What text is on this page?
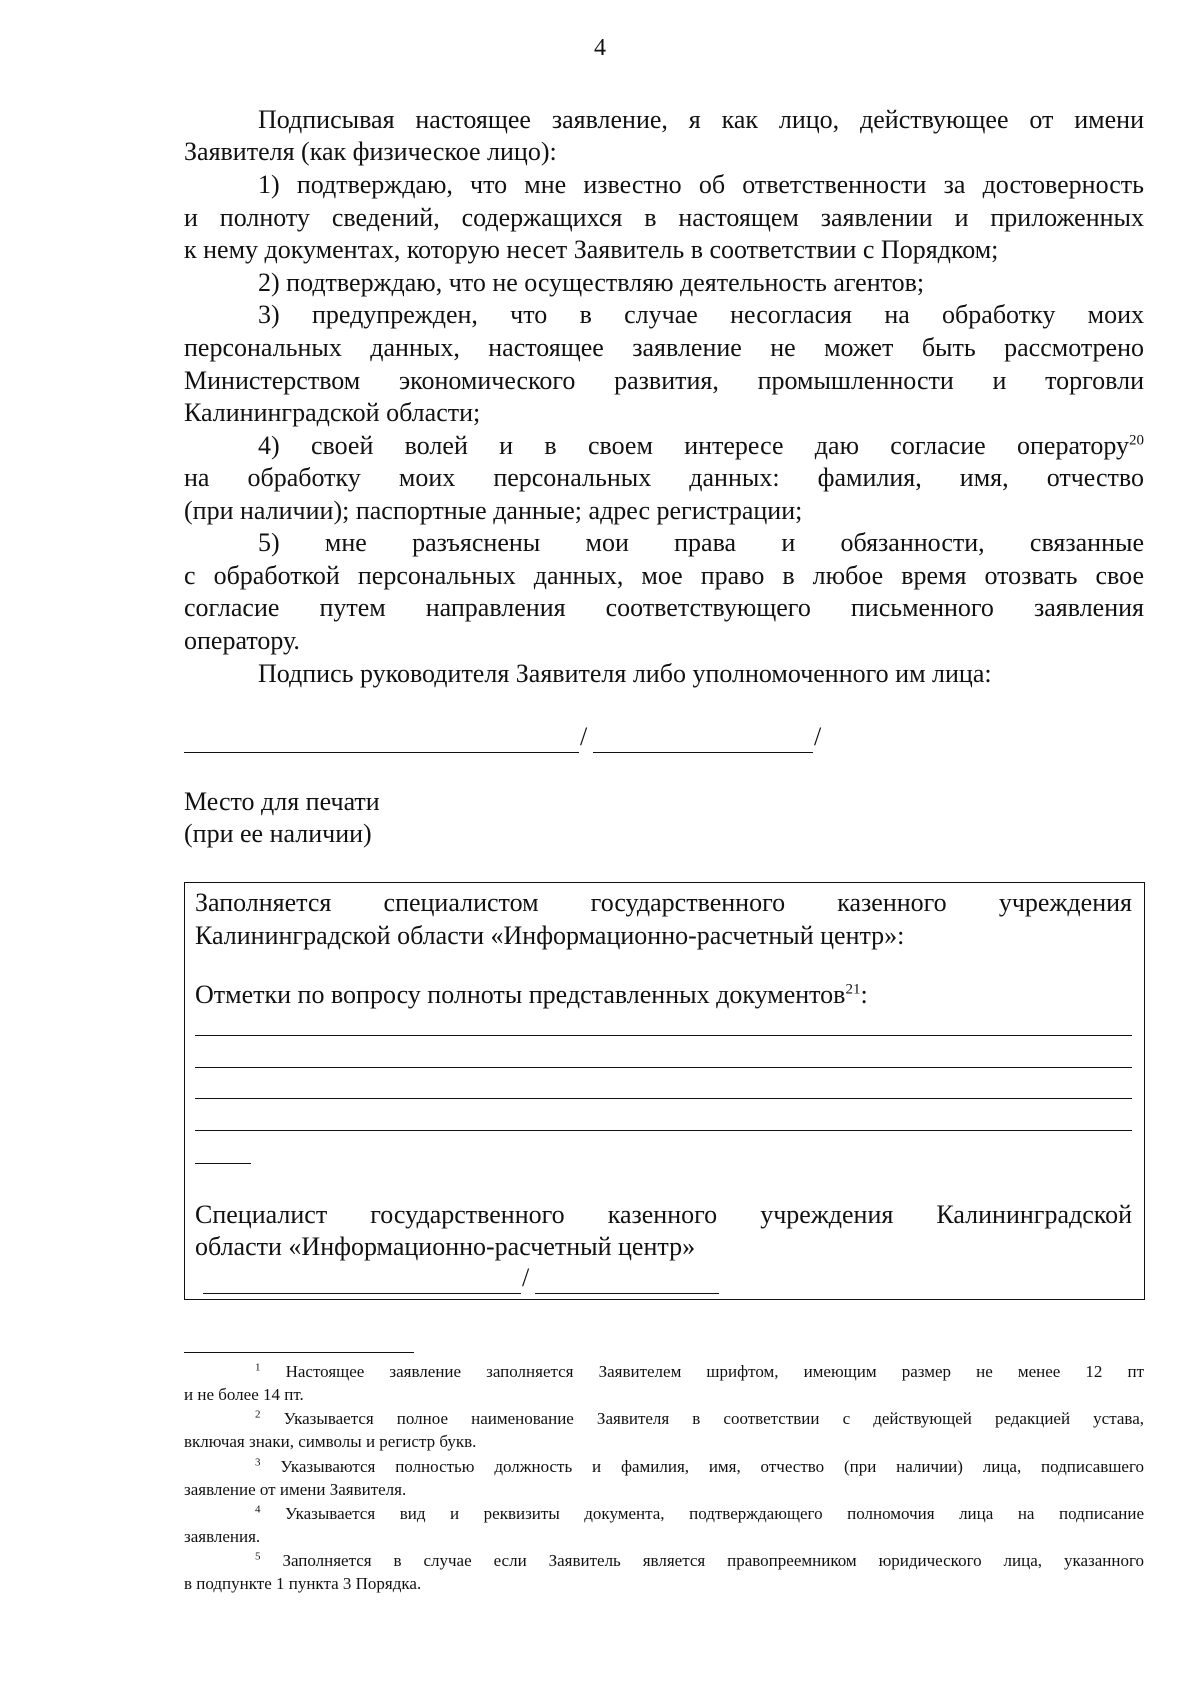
4
Подписывая настоящее заявление, я как лицо, действующее от имени
Заявителя (как физическое лицо):
1) подтверждаю, что мне известно об ответственности за достоверность
и полноту сведений, содержащихся в настоящем заявлении и приложенных
к нему документах, которую несет Заявитель в соответствии с Порядком;
2) подтверждаю, что не осуществляю деятельность агентов;
3) предупрежден, что в случае несогласия на обработку моих
персональных данных, настоящее заявление не может быть рассмотрено
Министерством экономического развития, промышленности и торговли
Калининградской области;
4) своей волей и в своем интересе даю согласие оператору$^{20}$
на обработку моих персональных данных: фамилия, имя, отчество
(при наличии); паспортные данные; адрес регистрации;
5) мне разъяснены мои права и обязанности, связанные
с обработкой персональных данных, мое право в любое время отозвать свое
согласие путем направления соответствующего письменного заявления
оператору.
Подпись руководителя Заявителя либо уполномоченного им лица:
/	/
Место для печати
(при ее наличии)
Заполняется специалистом государственного казенного учреждения
Калининградской области «Информационно-расчетный центр»:
Отметки по вопросу полноты представленных документов$^{21}$:
Специалист государственного казенного учреждения Калининградской
области «Информационно-расчетный центр»
/
$^1$ Настоящее заявление заполняется Заявителем шрифтом, имеющим размер не менее 12 пт
и не более 14 пт.
$^2$ Указывается полное наименование Заявителя в соответствии с действующей редакцией устава,
включая знаки, символы и регистр букв.
$^3$ Указываются полностью должность и фамилия, имя, отчество (при наличии) лица, подписавшего
заявление от имени Заявителя.
$^4$ Указывается вид и реквизиты документа, подтверждающего полномочия лица на подписание
заявления.
$^5$ Заполняется в случае если Заявитель является правопреемником юридического лица, указанного
в подпункте 1 пункта 3 Порядка.
